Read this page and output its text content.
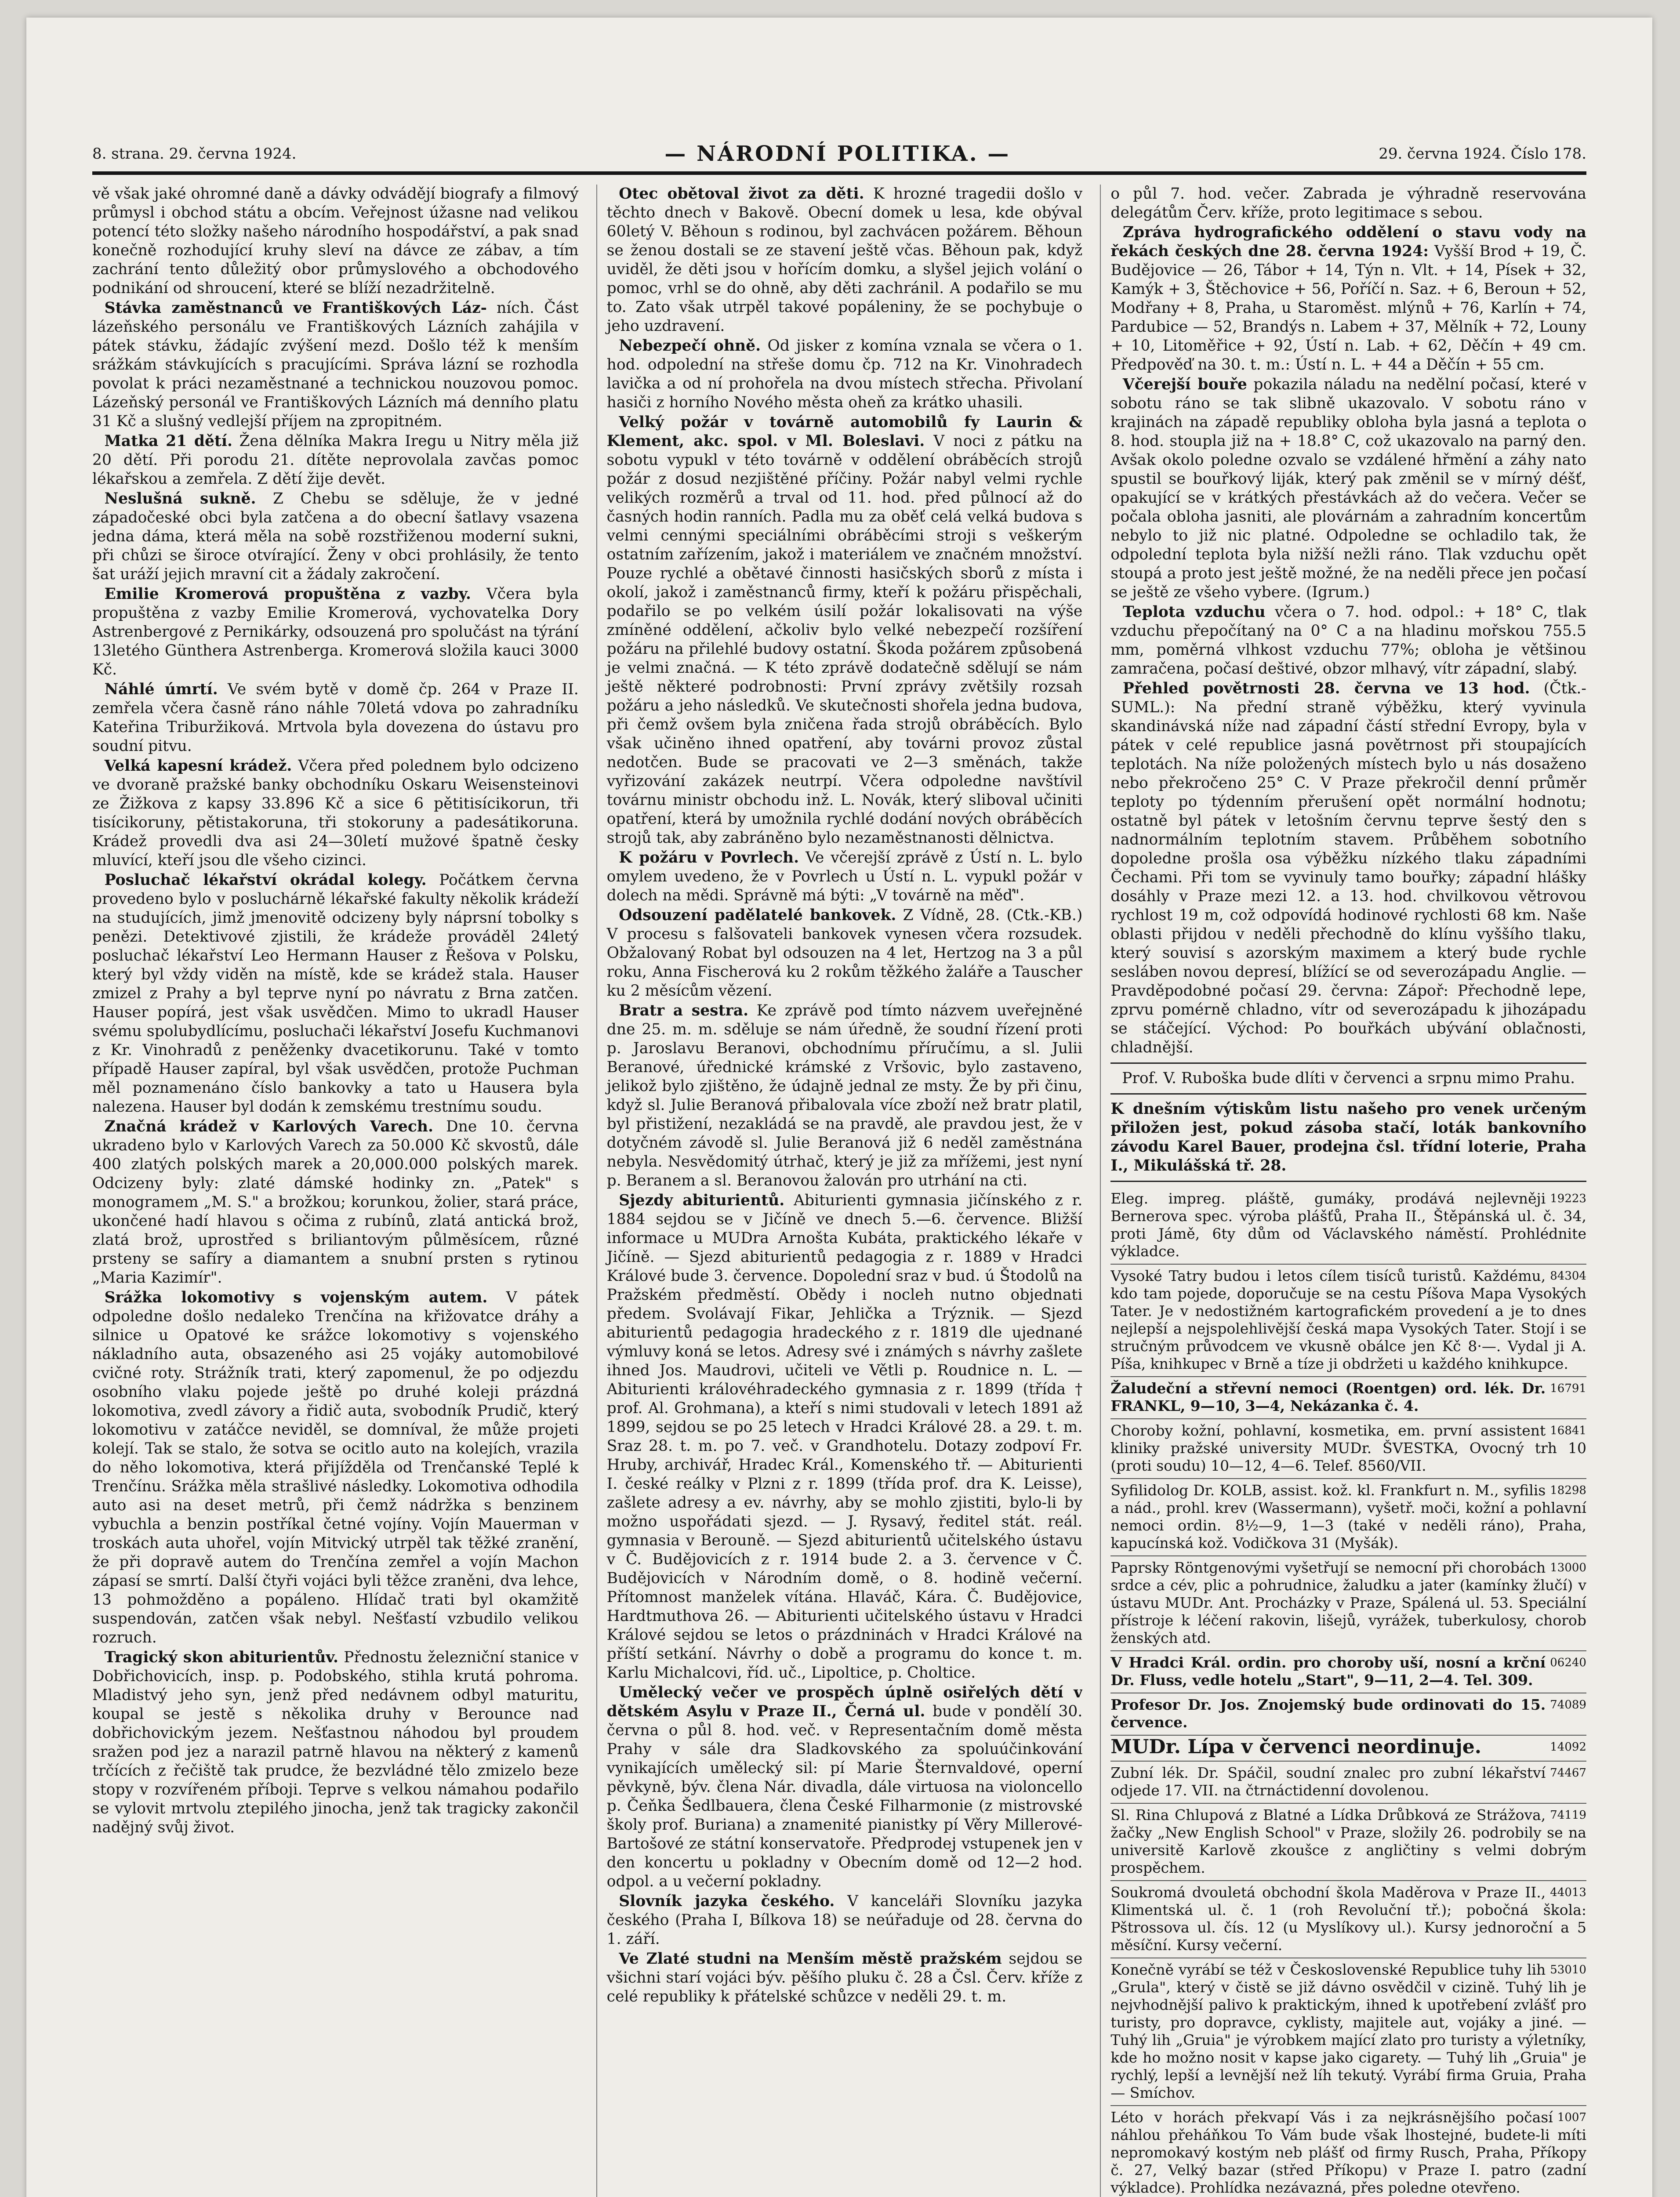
8. strana. 29. června 1924.	— NÁRODNÍ POLITIKA. —	29. června 1924. Číslo 178.

vě však jaké ohromné daně a dávky odvádějí biografy a filmový průmysl i obchod státu a obcím. Veřejnost úžasne nad velikou potencí této složky našeho národního hospodářství, a pak snad konečně rozhodující kruhy sleví na dávce ze zábav, a tím zachrání tento důležitý obor průmyslového a obchodového podnikání od shroucení, které se blíží nezadržitelně.

Stávka zaměstnanců ve Františkových Láz- ních. Část lázeňského personálu ve Františkových Lázních zahájila v pátek stávku, žádajíc zvýšení mezd. Došlo též k menším srážkám stávkujících s pracujícími. Správa lázní se rozhodla povolat k práci nezaměstnané a technickou nouzovou pomoc. Lázeňský personál ve Františkových Lázních má denního platu 31 Kč a slušný vedlejší příjem na zpropitném.

Matka 21 dětí. Žena dělníka Makra Iregu u Nitry měla již 20 dětí. Při porodu 21. dítěte neprovolala zavčas pomoc lékařskou a zemřela. Z dětí žije devět.

Neslušná sukně. Z Chebu se sděluje, že v jedné západočeské obci byla zatčena a do obecní šatlavy vsazena jedna dáma, která měla na sobě rozstřiženou moderní sukni, při chůzi se široce otvírající. Ženy v obci prohlásily, že tento šat uráží jejich mravní cit a žádaly zakročení.

Emilie Kromerová propuštěna z vazby. Včera byla propuštěna z vazby Emilie Kromerová, vychovatelka Dory Astrenbergové z Pernikárky, odsouzená pro spolučást na týrání 13letého Günthera Astrenberga. Kromerová složila kauci 3000 Kč.

Náhlé úmrtí. Ve svém bytě v domě čp. 264 v Praze II. zemřela včera časně ráno náhle 70letá vdova po zahradníku Kateřina Triburžiková. Mrtvola byla dovezena do ústavu pro soudní pitvu.

Velká kapesní krádež. Včera před polednem bylo odcizeno ve dvoraně pražské banky obchodníku Oskaru Weisensteinovi ze Žižkova z kapsy 33.896 Kč a sice 6 pětitisícikorun, tři tisícikoruny, pětistakoruna, tři stokoruny a padesátikoruna. Krádež provedli dva asi 24—30letí mužové špatně česky mluvící, kteří jsou dle všeho cizinci.

Posluchač lékařství okrádal kolegy. Počátkem června provedeno bylo v posluchárně lékařské fakulty několik krádeží na studujících, jimž jmenovitě odcizeny byly náprsní tobolky s penězi. Detektivové zjistili, že krádeže prováděl 24letý posluchač lékařství Leo Hermann Hauser z Řešova v Polsku, který byl vždy viděn na místě, kde se krádež stala. Hauser zmizel z Prahy a byl teprve nyní po návratu z Brna zatčen. Hauser popírá, jest však usvědčen. Mimo to ukradl Hauser svému spolubydlícímu, posluchači lékařství Josefu Kuchmanovi z Kr. Vinohradů z peněženky dvacetikorunu. Také v tomto případě Hauser zapíral, byl však usvědčen, protože Puchman měl poznamenáno číslo bankovky a tato u Hausera byla nalezena. Hauser byl dodán k zemskému trestnímu soudu.

Značná krádež v Karlových Varech. Dne 10. června ukradeno bylo v Karlových Varech za 50.000 Kč skvostů, dále 400 zlatých polských marek a 20,000.000 polských marek. Odcizeny byly: zlaté dámské hodinky zn. „Patek" s monogramem „M. S." a brožkou; korunkou, žolier, stará práce, ukončené hadí hlavou s očima z rubínů, zlatá antická brož, zlatá brož, uprostřed s briliantovým půlměsícem, různé prsteny se safíry a diamantem a snubní prsten s rytinou „Maria Kazimír".

Srážka lokomotivy s vojenským autem. V pátek odpoledne došlo nedaleko Trenčína na křižovatce dráhy a silnice u Opatové ke srážce lokomotivy s vojenského nákladního auta, obsazeného asi 25 vojáky automobilové cvičné roty. Strážník trati, který zapomenul, že po odjezdu osobního vlaku pojede ještě po druhé koleji prázdná lokomotiva, zvedl závory a řidič auta, svobodník Prudič, který lokomotivu v zatáčce neviděl, se domníval, že může projeti kolejí. Tak se stalo, že sotva se ocitlo auto na kolejích, vrazila do něho lokomotiva, která přijížděla od Trenčanské Teplé k Trenčínu. Srážka měla strašlivé následky. Lokomotiva odhodila auto asi na deset metrů, při čemž nádržka s benzinem vybuchla a benzin postříkal četné vojíny. Vojín Mauerman v troskách auta uhořel, vojín Mitvický utrpěl tak těžké zranění, že při dopravě autem do Trenčína zemřel a vojín Machon zápasí se smrtí. Další čtyři vojáci byli těžce zraněni, dva lehce, 13 pohmožděno a popáleno. Hlídač trati byl okamžitě suspendován, zatčen však nebyl. Nešťastí vzbudilo velikou rozruch.

Tragický skon abiturientův. Přednostu železniční stanice v Dobřichovicích, insp. p. Podobského, stihla krutá pohroma. Mladistvý jeho syn, jenž před nedávnem odbyl maturitu, koupal se jestě s několika druhy v Berounce nad dobřichovickým jezem. Nešťastnou náhodou byl proudem sražen pod jez a narazil patrně hlavou na některý z kamenů trčících z řečiště tak prudce, že bezvládné tělo zmizelo beze stopy v rozvířeném příboji. Teprve s velkou námahou podařilo se vylovit mrtvolu ztepilého jinocha, jenž tak tragicky zakončil nadějný svůj život.

Otec obětoval život za děti. K hrozné tragedii došlo v těchto dnech v Bakově. Obecní domek u lesa, kde obýval 60letý V. Běhoun s rodinou, byl zachvácen požárem. Běhoun se ženou dostali se ze stavení ještě včas. Běhoun pak, když uviděl, že děti jsou v hořícím domku, a slyšel jejich volání o pomoc, vrhl se do ohně, aby děti zachránil. A podařilo se mu to. Zato však utrpěl takové popáleniny, že se pochybuje o jeho uzdravení.

Nebezpečí ohně. Od jisker z komína vznala se včera o 1. hod. odpolední na střeše domu čp. 712 na Kr. Vinohradech lavička a od ní prohořela na dvou místech střecha. Přivolaní hasiči z horního Nového města oheň za krátko uhasili.

Velký požár v továrně automobilů fy Laurin & Klement, akc. spol. v Ml. Boleslavi. V noci z pátku na sobotu vypukl v této továrně v oddělení obráběcích strojů požár z dosud nezjištěné příčiny. Požár nabyl velmi rychle velikých rozměrů a trval od 11. hod. před půlnocí až do časných hodin ranních. Padla mu za oběť celá velká budova s velmi cennými speciálními obráběcími stroji s veškerým ostatním zařízením, jakož i materiálem ve značném množství. Pouze rychlé a obětavé činnosti hasičských sborů z místa i okolí, jakož i zaměstnanců firmy, kteří k požáru přispěchali, podařilo se po velkém úsilí požár lokalisovati na výše zmíněné oddělení, ačkoliv bylo velké nebezpečí rozšíření požáru na přilehlé budovy ostatní. Škoda požárem způsobená je velmi značná. — K této zprávě dodatečně sdělují se nám ještě některé podrobnosti: První zprávy zvětšily rozsah požáru a jeho následků. Ve skutečnosti shořela jedna budova, při čemž ovšem byla zničena řada strojů obráběcích. Bylo však učiněno ihned opatření, aby továrni provoz zůstal nedotčen. Bude se pracovati ve 2—3 směnách, takže vyřizování zakázek neutrpí. Včera odpoledne navštívil továrnu ministr obchodu inž. L. Novák, který sliboval učiniti opatření, která by umožnila rychlé dodání nových obráběcích strojů tak, aby zabráněno bylo nezaměstnanosti dělnictva.

K požáru v Povrlech. Ve včerejší zprávě z Ústí n. L. bylo omylem uvedeno, že v Povrlech u Ústí n. L. vypukl požár v dolech na mědi. Správně má býti: „V továrně na měď".

Odsouzení padělatelé bankovek. Z Vídně, 28. (Ctk.-KB.) V procesu s falšovateli bankovek vynesen včera rozsudek. Obžalovaný Robat byl odsouzen na 4 let, Hertzog na 3 a půl roku, Anna Fischerová ku 2 rokům těžkého žaláře a Tauscher ku 2 měsícům vězení.

Bratr a sestra. Ke zprávě pod tímto názvem uveřejněné dne 25. m. m. sděluje se nám úředně, že soudní řízení proti p. Jaroslavu Beranovi, obchodnímu příručímu, a sl. Julii Beranové, úřednické krámské z Vršovic, bylo zastaveno, jelikož bylo zjištěno, že údajně jednal ze msty. Že by při činu, když sl. Julie Beranová přibalovala více zboží než bratr platil, byl přistižení, nezakládá se na pravdě, ale pravdou jest, že v dotyčném závodě sl. Julie Beranová již 6 neděl zaměstnána nebyla. Nesvědomitý útrhač, který je již za mřížemi, jest nyní p. Beranem a sl. Beranovou žalován pro utrhání na cti.

Sjezdy abiturientů. Abiturienti gymnasia jičínského z r. 1884 sejdou se v Jičíně ve dnech 5.—6. července. Bližší informace u MUDra Arnošta Kubáta, praktického lékaře v Jičíně. — Sjezd abiturientů pedagogia z r. 1889 v Hradci Králové bude 3. července. Dopolední sraz v bud. ú Štodolů na Pražském předměstí. Obědy i nocleh nutno objednati předem. Svolávají Fikar, Jehlička a Trýznik. — Sjezd abiturientů pedagogia hradeckého z r. 1819 dle ujednané výmluvy koná se letos. Adresy své i známých s návrhy zašlete ihned Jos. Maudrovi, učiteli ve Větli p. Roudnice n. L. — Abiturienti královéhradeckého gymnasia z r. 1899 (třída † prof. Al. Grohmana), a kteří s nimi studovali v letech 1891 až 1899, sejdou se po 25 letech v Hradci Králové 28. a 29. t. m. Sraz 28. t. m. po 7. več. v Grandhotelu. Dotazy zodpoví Fr. Hruby, archivář, Hradec Král., Komenského tř. — Abiturienti I. české reálky v Plzni z r. 1899 (třída prof. dra K. Leisse), zašlete adresy a ev. návrhy, aby se mohlo zjistiti, bylo-li by možno uspořádati sjezd. — J. Rysavý, ředitel stát. reál. gymnasia v Berouně. — Sjezd abiturientů učitelského ústavu v Č. Budějovicích z r. 1914 bude 2. a 3. července v Č. Budějovicích v Národním domě, o 8. hodině večerní. Přítomnost manželek vítána. Hlaváč, Kára. Č. Budějovice, Hardtmuthova 26. — Abiturienti učitelského ústavu v Hradci Králové sejdou se letos o prázdninách v Hradci Králové na příští setkání. Návrhy o době a programu do konce t. m. Karlu Michalcovi, říd. uč., Lipoltice, p. Choltice.

Umělecký večer ve prospěch úplně osiřelých dětí v dětském Asylu v Praze II., Černá ul. bude v pondělí 30. června o půl 8. hod. več. v Representačním domě města Prahy v sále dra Sladkovského za spoluúčinkování vynikajících umělecký sil: pí Marie Šternvaldové, operní pěvkyně, býv. člena Nár. divadla, dále virtuosa na violoncello p. Čeňka Šedlbauera, člena České Filharmonie (z mistrovské školy prof. Buriana) a znamenité pianistky pí Věry Millerové-Bartošové ze státní konservatoře. Předprodej vstupenek jen v den koncertu u pokladny v Obecním domě od 12—2 hod. odpol. a u večerní pokladny.

Slovník jazyka českého. V kanceláři Slovníku jazyka českého (Praha I, Bílkova 18) se neúřaduje od 28. června do 1. září.

Ve Zlaté studni na Menším městě pražském sejdou se všichni starí vojáci býv. pěšího pluku č. 28 a Čsl. Červ. kříže z celé republiky k přátelské schůzce v neděli 29. t. m.

o půl 7. hod. večer. Zabrada je výhradně reservována delegátům Červ. kříže, proto legitimace s sebou.

Zpráva hydrografického oddělení o stavu vody na řekách českých dne 28. června 1924: Vyšší Brod + 19, Č. Budějovice — 26, Tábor + 14, Týn n. Vlt. + 14, Písek + 32, Kamýk + 3, Štěchovice + 56, Poříčí n. Saz. + 6, Beroun + 52, Modřany + 8, Praha, u Staroměst. mlýnů + 76, Karlín + 74, Pardubice — 52, Brandýs n. Labem + 37, Mělník + 72, Louny + 10, Litoměřice + 92, Ústí n. Lab. + 62, Děčín + 49 cm. Předpověď na 30. t. m.: Ústí n. L. + 44 a Děčín + 55 cm.

Včerejší bouře pokazila náladu na nedělní počasí, které v sobotu ráno se tak slibně ukazovalo. V sobotu ráno v krajinách na západě republiky obloha byla jasná a teplota o 8. hod. stoupla již na + 18.8° C, což ukazovalo na parný den. Avšak okolo poledne ozvalo se vzdálené hřmění a záhy nato spustil se bouřkový liják, který pak změnil se v mírný déšť, opakující se v krátkých přestávkách až do večera. Večer se počala obloha jasniti, ale plovárnám a zahradním koncertům nebylo to již nic platné. Odpoledne se ochladilo tak, že odpolední teplota byla nižší nežli ráno. Tlak vzduchu opět stoupá a proto jest ještě možné, že na neděli přece jen počasí se ještě ze všeho vybere. (Igrum.)

Teplota vzduchu včera o 7. hod. odpol.: + 18° C, tlak vzduchu přepočítaný na 0° C a na hladinu mořskou 755.5 mm, poměrná vlhkost vzduchu 77%; obloha je většinou zamračena, počasí deštivé, obzor mlhavý, vítr západní, slabý.

Přehled povětrnosti 28. června ve 13 hod. (Čtk.-SUML.): Na přední straně výběžku, který vyvinula skandinávská níže nad západní částí střední Evropy, byla v pátek v celé republice jasná povětrnost při stoupajících teplotách. Na níže položených místech bylo u nás dosaženo nebo překročeno 25° C. V Praze překročil denní průměr teploty po týdenním přerušení opět normální hodnotu; ostatně byl pátek v letošním červnu teprve šestý den s nadnormálním teplotním stavem. Průběhem sobotního dopoledne prošla osa výběžku nízkého tlaku západními Čechami. Při tom se vyvinuly tamo bouřky; západní hlášky dosáhly v Praze mezi 12. a 13. hod. chvilkovou větrovou rychlost 19 m, což odpovídá hodinové rychlosti 68 km. Naše oblasti přijdou v neděli přechodně do klínu vyššího tlaku, který souvisí s azorským maximem a který bude rychle sesláben novou depresí, blížící se od severozápadu Anglie. — Pravděpodobné počasí 29. června: Zápoř: Přechodně lepe, zprvu pomérně chladno, vítr od severozápadu k jihozápadu se stáčející. Východ: Po bouřkách ubývání oblačnosti, chladnější.

Prof. V. Ruboška bude dlíti v červenci a srpnu mimo Prahu.

K dnešním výtiskům listu našeho pro venek určeným přiložen jest, pokud zásoba stačí, loták bankovního závodu Karel Bauer, prodejna čsl. třídní loterie, Praha I., Mikulášská tř. 28.

19223
Eleg. impreg. pláště, gumáky, prodává nejlevněji Bernerova spec. výroba plášťů, Praha II., Štěpánská ul. č. 34, proti Jámě, 6ty dům od Václavského náměstí. Prohlédnite výkladce.
84304
Vysoké Tatry budou i letos cílem tisíců turistů. Každému, kdo tam pojede, doporučuje se na cestu Píšova Mapa Vysokých Tater. Je v nedostižném kartografickém provedení a je to dnes nejlepší a nejspolehlivější česká mapa Vysokých Tater. Stojí i se stručným průvodcem ve vkusně obálce jen Kč 8·—. Vydal ji A. Píša, knihkupec v Brně a tíze ji obdržeti u každého knihkupce.
16791
Žaludeční a střevní nemoci (Roentgen) ord. lék. Dr. FRANKL, 9—10, 3—4, Nekázanka č. 4.
16841
Choroby kožní, pohlavní, kosmetika, em. první assistent kliniky pražské university MUDr. ŠVESTKA, Ovocný trh 10 (proti soudu) 10—12, 4—6. Telef. 8560/VII.
18298
Syfilidolog Dr. KOLB, assist. kož. kl. Frankfurt n. M., syfilis a nád., prohl. krev (Wassermann), vyšetř. moči, kožní a pohlavní nemoci ordin. 8½—9, 1—3 (také v neděli ráno), Praha, kapucínská kož. Vodičkova 31 (Myšák).
13000
Paprsky Röntgenovými vyšetřují se nemocní při chorobách srdce a cév, plic a pohrudnice, žaludku a jater (kamínky žlučí) v ústavu MUDr. Ant. Procházky v Praze, Spálená ul. 53. Speciální přístroje k léčení rakovin, lišejů, vyrážek, tuberkulosy, chorob ženských atd.
06240
V Hradci Král. ordin. pro choroby uší, nosní a krční Dr. Fluss, vedle hotelu „Start", 9—11, 2—4. Tel. 309.
74089
Profesor Dr. Jos. Znojemský bude ordinovati do 15. července.
14092
MUDr. Lípa v červenci neordinuje.
74467
Zubní lék. Dr. Spáčil, soudní znalec pro zubní lékařství odjede 17. VII. na čtrnáctidenní dovolenou.
74119
Sl. Rina Chlupová z Blatné a Lídka Drůbková ze Strážova, žačky „New English School" v Praze, složily 26. podrobily se na universitě Karlově zkoušce z angličtiny s velmi dobrým prospěchem.
44013
Soukromá dvouletá obchodní škola Maděrova v Praze II., Klimentská ul. č. 1 (roh Revoluční tř.); pobočná škola: Pštrossova ul. čís. 12 (u Myslíkovy ul.). Kursy jednoroční a 5 měsíční. Kursy večerní.
53010
Konečně vyrábí se též v Československé Republice tuhy lih „Grula", který v čistě se již dávno osvědčil v cizině. Tuhý lih je nejvhodnější palivo k praktickým, ihned k upotřebení zvlášť pro turisty, pro dopravce, cyklisty, majitele aut, vojáky a jiné. — Tuhý lih „Gruia" je výrobkem mající zlato pro turisty a výletníky, kde ho možno nosit v kapse jako cigarety. — Tuhý lih „Gruia" je rychlý, lepší a levnější než líh tekutý. Vyrábí firma Gruia, Praha — Smíchov.
1007
Léto v horách překvapí Vás i za nejkrásnějšího počasí náhlou přeháňkou To Vám bude však lhostejné, budete-li míti nepromokavý kostým neb plášť od firmy Rusch, Praha, Příkopy č. 27, Velký bazar (střed Příkopu) v Praze I. patro (zadní výkladce). Prohlídka nezávazná, přes poledne otevřeno.
